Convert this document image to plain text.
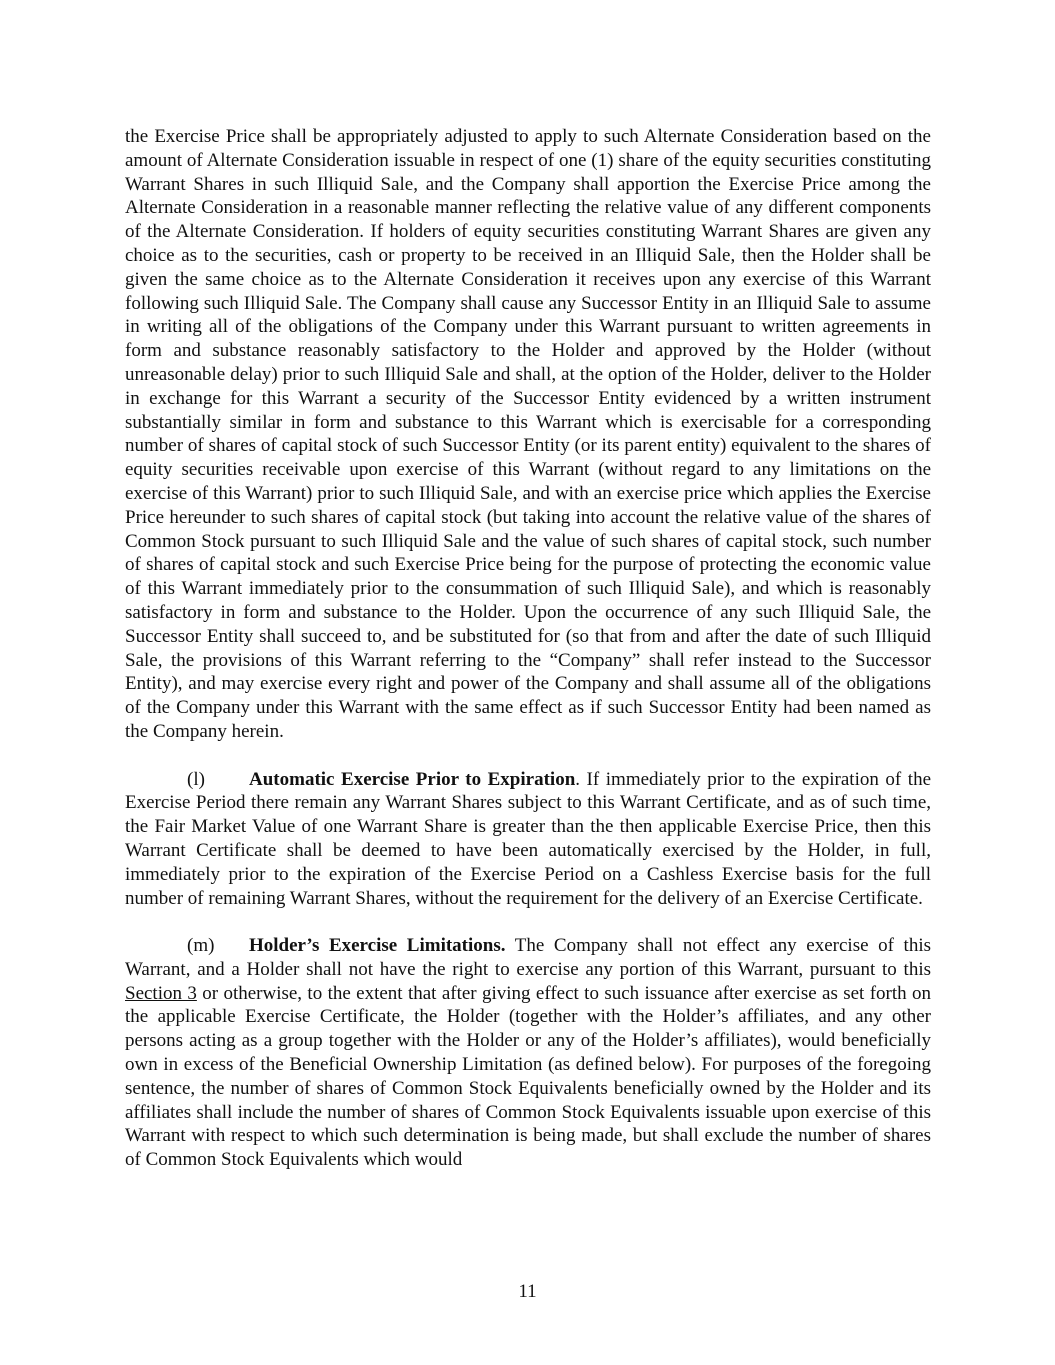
the Exercise Price shall be appropriately adjusted to apply to such Alternate Consideration based on the amount of Alternate Consideration issuable in respect of one (1) share of the equity securities constituting Warrant Shares in such Illiquid Sale, and the Company shall apportion the Exercise Price among the Alternate Consideration in a reasonable manner reflecting the relative value of any different components of the Alternate Consideration. If holders of equity securities constituting Warrant Shares are given any choice as to the securities, cash or property to be received in an Illiquid Sale, then the Holder shall be given the same choice as to the Alternate Consideration it receives upon any exercise of this Warrant following such Illiquid Sale. The Company shall cause any Successor Entity in an Illiquid Sale to assume in writing all of the obligations of the Company under this Warrant pursuant to written agreements in form and substance reasonably satisfactory to the Holder and approved by the Holder (without unreasonable delay) prior to such Illiquid Sale and shall, at the option of the Holder, deliver to the Holder in exchange for this Warrant a security of the Successor Entity evidenced by a written instrument substantially similar in form and substance to this Warrant which is exercisable for a corresponding number of shares of capital stock of such Successor Entity (or its parent entity) equivalent to the shares of equity securities receivable upon exercise of this Warrant (without regard to any limitations on the exercise of this Warrant) prior to such Illiquid Sale, and with an exercise price which applies the Exercise Price hereunder to such shares of capital stock (but taking into account the relative value of the shares of Common Stock pursuant to such Illiquid Sale and the value of such shares of capital stock, such number of shares of capital stock and such Exercise Price being for the purpose of protecting the economic value of this Warrant immediately prior to the consummation of such Illiquid Sale), and which is reasonably satisfactory in form and substance to the Holder. Upon the occurrence of any such Illiquid Sale, the Successor Entity shall succeed to, and be substituted for (so that from and after the date of such Illiquid Sale, the provisions of this Warrant referring to the “Company” shall refer instead to the Successor Entity), and may exercise every right and power of the Company and shall assume all of the obligations of the Company under this Warrant with the same effect as if such Successor Entity had been named as the Company herein.

(l) Automatic Exercise Prior to Expiration. If immediately prior to the expiration of the Exercise Period there remain any Warrant Shares subject to this Warrant Certificate, and as of such time, the Fair Market Value of one Warrant Share is greater than the then applicable Exercise Price, then this Warrant Certificate shall be deemed to have been automatically exercised by the Holder, in full, immediately prior to the expiration of the Exercise Period on a Cashless Exercise basis for the full number of remaining Warrant Shares, without the requirement for the delivery of an Exercise Certificate.

(m) Holder’s Exercise Limitations. The Company shall not effect any exercise of this Warrant, and a Holder shall not have the right to exercise any portion of this Warrant, pursuant to this Section 3 or otherwise, to the extent that after giving effect to such issuance after exercise as set forth on the applicable Exercise Certificate, the Holder (together with the Holder’s affiliates, and any other persons acting as a group together with the Holder or any of the Holder’s affiliates), would beneficially own in excess of the Beneficial Ownership Limitation (as defined below). For purposes of the foregoing sentence, the number of shares of Common Stock Equivalents beneficially owned by the Holder and its affiliates shall include the number of shares of Common Stock Equivalents issuable upon exercise of this Warrant with respect to which such determination is being made, but shall exclude the number of shares of Common Stock Equivalents which would

11
